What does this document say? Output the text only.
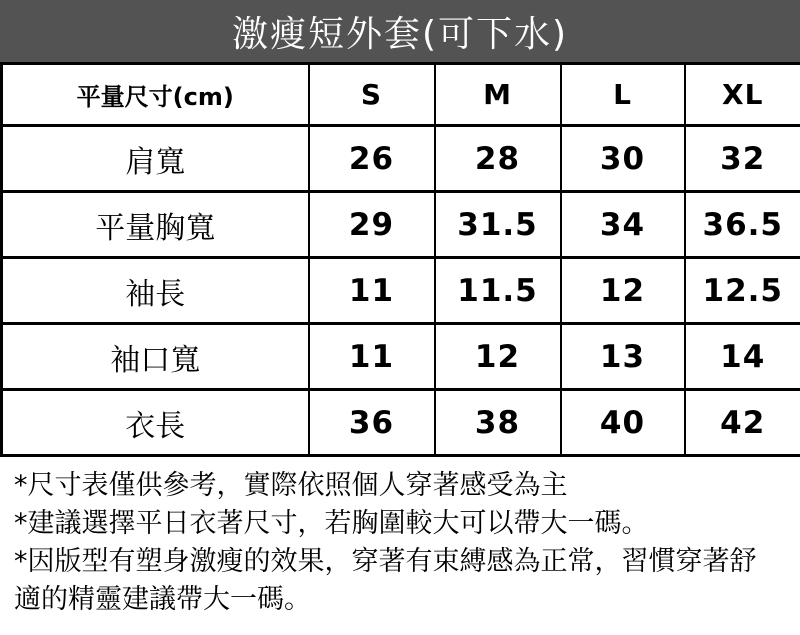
激瘦短外套(可下水)
平量尺寸(cm)	S	M	L	XL
肩寬	26	28	30	32
平量胸寬	29	31.5	34	36.5
袖長	11	11.5	12	12.5
袖口寬	11	12	13	14
衣長	36	38	40	42

*尺寸表僅供參考，實際依照個人穿著感受為主

*建議選擇平日衣著尺寸，若胸圍較大可以帶大一碼。

*因版型有塑身激瘦的效果，穿著有束縛感為正常，習慣穿著舒適的精靈建議帶大一碼。
